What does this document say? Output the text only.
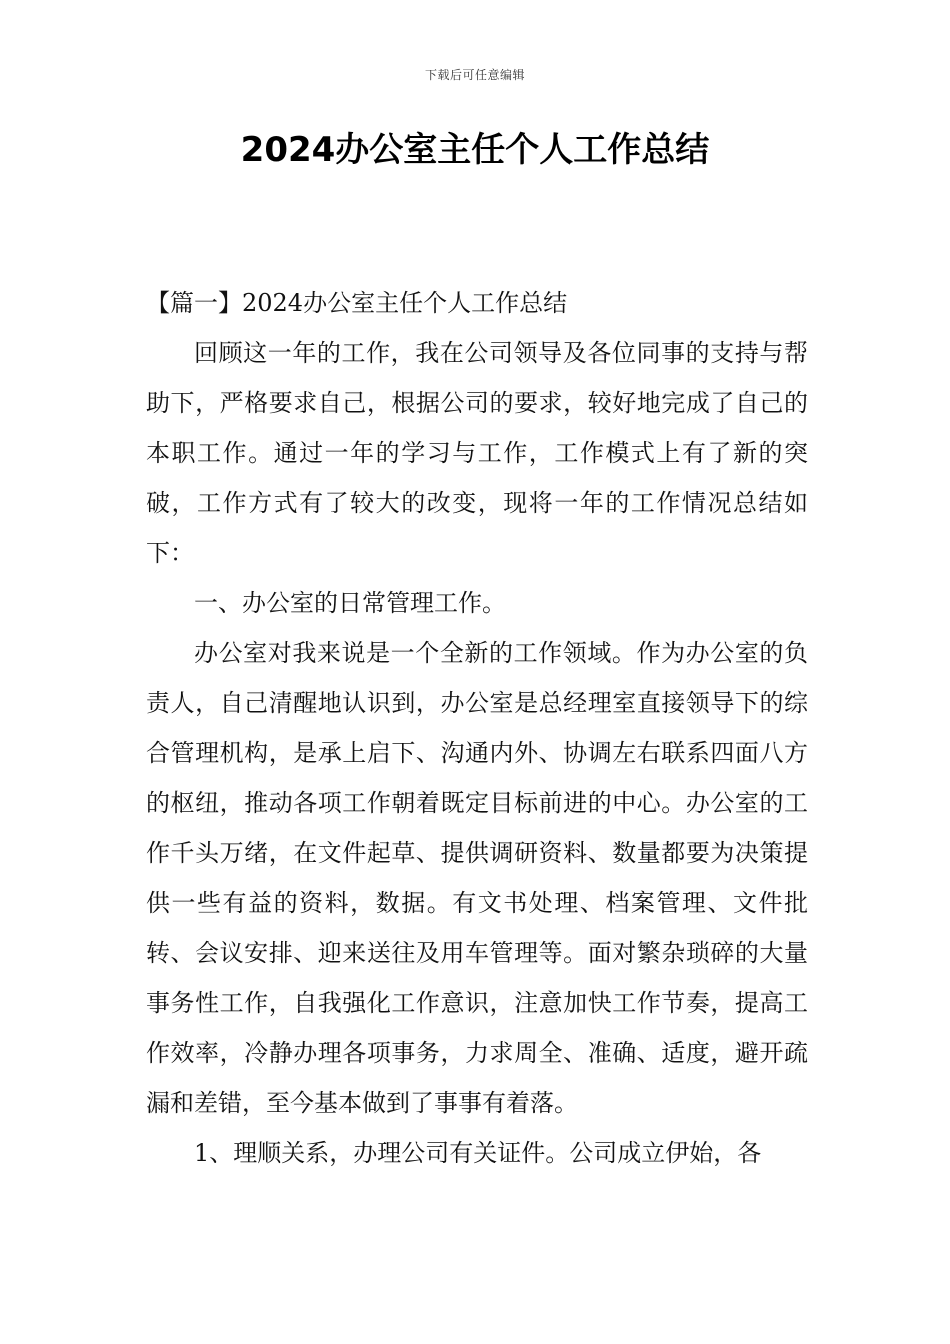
下载后可任意编辑
2024办公室主任个人工作总结

【篇一】2024办公室主任个人工作总结

回顾这一年的工作，我在公司领导及各位同事的支持与帮助下，严格要求自己，根据公司的要求，较好地完成了自己的本职工作。通过一年的学习与工作，工作模式上有了新的突破，工作方式有了较大的改变，现将一年的工作情况总结如下：

一、办公室的日常管理工作。

办公室对我来说是一个全新的工作领域。作为办公室的负责人，自己清醒地认识到，办公室是总经理室直接领导下的综合管理机构，是承上启下、沟通内外、协调左右联系四面八方的枢纽，推动各项工作朝着既定目标前进的中心。办公室的工作千头万绪，在文件起草、提供调研资料、数量都要为决策提供一些有益的资料，数据。有文书处理、档案管理、文件批转、会议安排、迎来送往及用车管理等。面对繁杂琐碎的大量事务性工作，自我强化工作意识，注意加快工作节奏，提高工作效率，冷静办理各项事务，力求周全、准确、适度，避开疏漏和差错，至今基本做到了事事有着落。

1、理顺关系，办理公司有关证件。公司成立伊始，各
